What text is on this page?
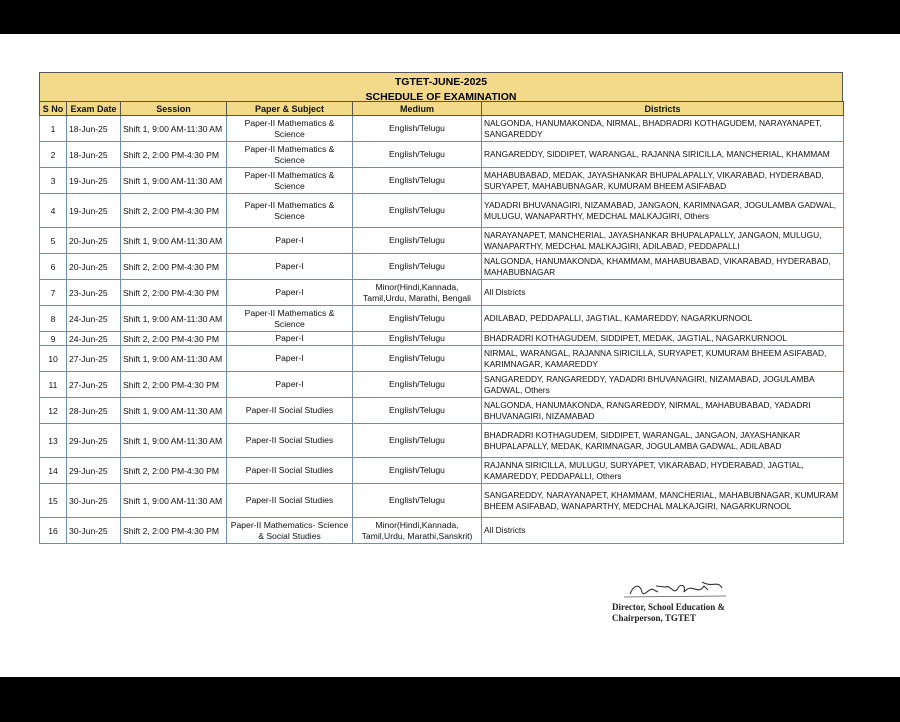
TGTET-JUNE-2025
SCHEDULE OF EXAMINATION
S No	Exam Date	Session	Paper & Subject	Medium	Districts
1	18-Jun-25	Shift 1, 9:00 AM-11:30 AM	Paper-II Mathematics & Science	English/Telugu	NALGONDA, HANUMAKONDA, NIRMAL, BHADRADRI KOTHAGUDEM, NARAYANAPET, SANGAREDDY
2	18-Jun-25	Shift 2, 2:00 PM-4:30 PM	Paper-II Mathematics & Science	English/Telugu	RANGAREDDY, SIDDIPET, WARANGAL, RAJANNA SIRICILLA, MANCHERIAL, KHAMMAM
3	19-Jun-25	Shift 1, 9:00 AM-11:30 AM	Paper-II Mathematics & Science	English/Telugu	MAHABUBABAD, MEDAK, JAYASHANKAR BHUPALAPALLY, VIKARABAD, HYDERABAD, SURYAPET, MAHABUBNAGAR, KUMURAM BHEEM ASIFABAD
4	19-Jun-25	Shift 2, 2:00 PM-4:30 PM	Paper-II Mathematics & Science	English/Telugu	YADADRI BHUVANAGIRI, NIZAMABAD, JANGAON, KARIMNAGAR, JOGULAMBA GADWAL, MULUGU, WANAPARTHY, MEDCHAL MALKAJGIRI, Others
5	20-Jun-25	Shift 1, 9:00 AM-11:30 AM	Paper-I	English/Telugu	NARAYANAPET, MANCHERIAL, JAYASHANKAR BHUPALAPALLY, JANGAON, MULUGU, WANAPARTHY, MEDCHAL MALKAJGIRI, ADILABAD, PEDDAPALLI
6	20-Jun-25	Shift 2, 2:00 PM-4:30 PM	Paper-I	English/Telugu	NALGONDA, HANUMAKONDA, KHAMMAM, MAHABUBABAD, VIKARABAD, HYDERABAD, MAHABUBNAGAR
7	23-Jun-25	Shift 2, 2:00 PM-4:30 PM	Paper-I	Minor(Hindi,Kannada, Tamil,Urdu, Marathi, Bengali	All Districts
8	24-Jun-25	Shift 1, 9:00 AM-11:30 AM	Paper-II Mathematics & Science	English/Telugu	ADILABAD, PEDDAPALLI, JAGTIAL, KAMAREDDY, NAGARKURNOOL
9	24-Jun-25	Shift 2, 2:00 PM-4:30 PM	Paper-I	English/Telugu	BHADRADRI KOTHAGUDEM, SIDDIPET, MEDAK, JAGTIAL, NAGARKURNOOL
10	27-Jun-25	Shift 1, 9:00 AM-11:30 AM	Paper-I	English/Telugu	NIRMAL, WARANGAL, RAJANNA SIRICILLA, SURYAPET, KUMURAM BHEEM ASIFABAD, KARIMNAGAR, KAMAREDDY
11	27-Jun-25	Shift 2, 2:00 PM-4:30 PM	Paper-I	English/Telugu	SANGAREDDY, RANGAREDDY, YADADRI BHUVANAGIRI, NIZAMABAD, JOGULAMBA GADWAL, Others
12	28-Jun-25	Shift 1, 9:00 AM-11:30 AM	Paper-II Social Studies	English/Telugu	NALGONDA, HANUMAKONDA, RANGAREDDY, NIRMAL, MAHABUBABAD, YADADRI BHUVANAGIRI, NIZAMABAD
13	29-Jun-25	Shift 1, 9:00 AM-11:30 AM	Paper-II Social Studies	English/Telugu	BHADRADRI KOTHAGUDEM, SIDDIPET, WARANGAL, JANGAON, JAYASHANKAR BHUPALAPALLY, MEDAK, KARIMNAGAR, JOGULAMBA GADWAL, ADILABAD
14	29-Jun-25	Shift 2, 2:00 PM-4:30 PM	Paper-II Social Studies	English/Telugu	RAJANNA SIRICILLA, MULUGU, SURYAPET, VIKARABAD, HYDERABAD, JAGTIAL, KAMAREDDY, PEDDAPALLI, Others
15	30-Jun-25	Shift 1, 9:00 AM-11:30 AM	Paper-II Social Studies	English/Telugu	SANGAREDDY, NARAYANAPET, KHAMMAM, MANCHERIAL, MAHABUBNAGAR, KUMURAM BHEEM ASIFABAD, WANAPARTHY, MEDCHAL MALKAJGIRI, NAGARKURNOOL
16	30-Jun-25	Shift 2, 2:00 PM-4:30 PM	Paper-II Mathematics- Science & Social Studies	Minor(Hindi,Kannada, Tamil,Urdu, Marathi,Sanskrit)	All Districts
Director, School Education &
Chairperson, TGTET
